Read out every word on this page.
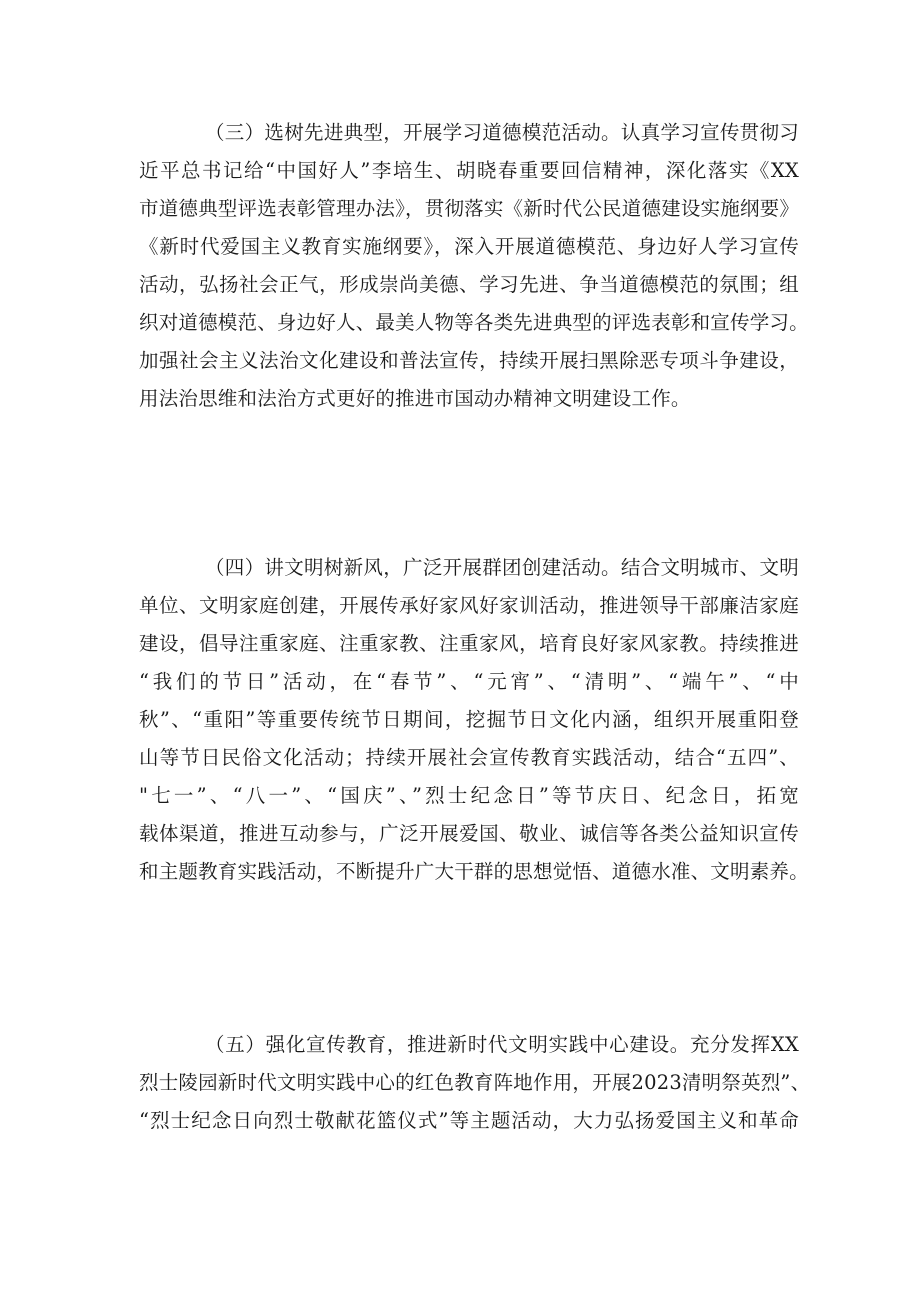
（三）选树先进典型，开展学习道德模范活动。认真学习宣传贯彻习
近平总书记给“中国好人”李培生、胡晓春重要回信精神，深化落实《XX
市道德典型评选表彰管理办法》，贯彻落实《新时代公民道德建设实施纲要》
《新时代爱国主义教育实施纲要》，深入开展道德模范、身边好人学习宣传
活动，弘扬社会正气，形成崇尚美德、学习先进、争当道德模范的氛围；组
织对道德模范、身边好人、最美人物等各类先进典型的评选表彰和宣传学习。
加强社会主义法治文化建设和普法宣传，持续开展扫黑除恶专项斗争建设，
用法治思维和法治方式更好的推进市国动办精神文明建设工作。
（四）讲文明树新风，广泛开展群团创建活动。结合文明城市、文明
单位、文明家庭创建，开展传承好家风好家训活动，推进领导干部廉洁家庭
建设，倡导注重家庭、注重家教、注重家风，培育良好家风家教。持续推进
“我们的节日”活动，在“春节”、“元宵”、“清明”、“端午”、“中
秋”、“重阳”等重要传统节日期间，挖掘节日文化内涵，组织开展重阳登
山等节日民俗文化活动；持续开展社会宣传教育实践活动，结合“五四”、
"七一”、“八一”、“国庆”、”烈士纪念日”等节庆日、纪念日，拓宽
载体渠道，推进互动参与，广泛开展爱国、敬业、诚信等各类公益知识宣传
和主题教育实践活动，不断提升广大干群的思想觉悟、道德水准、文明素养。
（五）强化宣传教育，推进新时代文明实践中心建设。充分发挥XX
烈士陵园新时代文明实践中心的红色教育阵地作用，开展2023清明祭英烈”、
“烈士纪念日向烈士敬献花篮仪式”等主题活动，大力弘扬爱国主义和革命
